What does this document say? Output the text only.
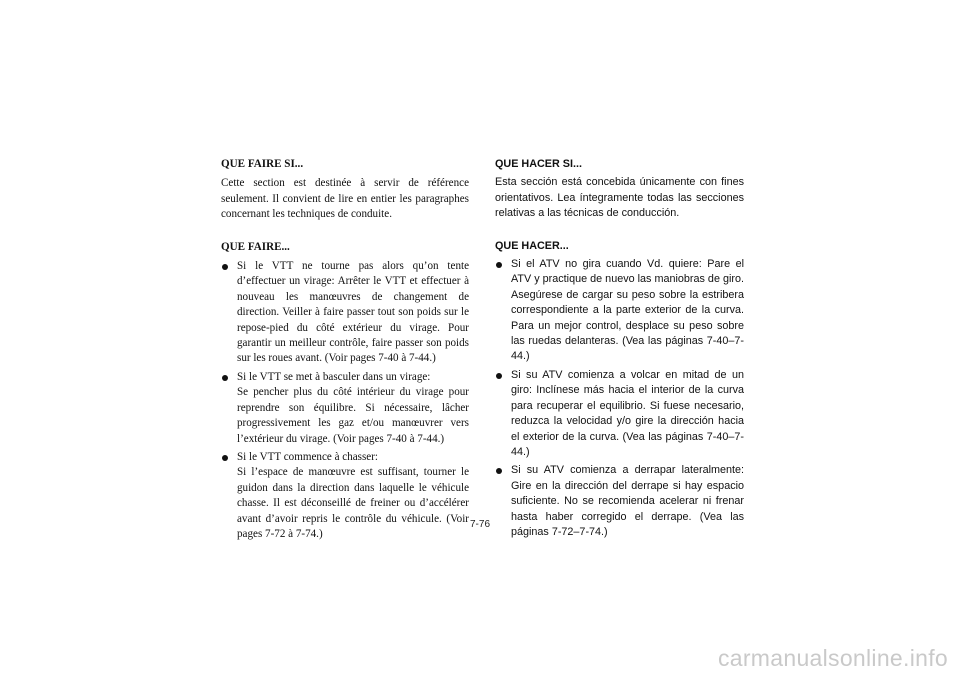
QUE FAIRE SI...

Cette section est destinée à servir de référence seulement. Il convient de lire en entier les paragraphes concernant les techniques de conduite.

QUE FAIRE...
Si le VTT ne tourne pas alors qu’on tente d’effectuer un virage: Arrêter le VTT et effectuer à nouveau les manœuvres de changement de direction. Veiller à faire passer tout son poids sur le repose-pied du côté extérieur du virage. Pour garantir un meilleur contrôle, faire passer son poids sur les roues avant. (Voir pages 7-40 à 7-44.)
Si le VTT se met à basculer dans un virage:
Se pencher plus du côté intérieur du virage pour reprendre son équilibre. Si nécessaire, lâcher progressivement les gaz et/ou manœuvrer vers l’extérieur du virage. (Voir pages 7-40 à 7-44.)
Si le VTT commence à chasser:
Si l’espace de manœuvre est suffisant, tourner le guidon dans la direction dans laquelle le véhicule chasse. Il est déconseillé de freiner ou d’accélérer avant d’avoir repris le contrôle du véhicule. (Voir pages 7-72 à 7-74.)
QUE HACER SI...

Esta sección está concebida únicamente con fines orientativos. Lea íntegramente todas las secciones relativas a las técnicas de conducción.

QUE HACER...
Si el ATV no gira cuando Vd. quiere: Pare el ATV y practique de nuevo las maniobras de giro. Asegúrese de cargar su peso sobre la estribera correspondiente a la parte exterior de la curva. Para un mejor control, desplace su peso sobre las ruedas delanteras. (Vea las páginas 7-40–7-44.)
Si su ATV comienza a volcar en mitad de un giro: Inclínese más hacia el interior de la curva para recuperar el equilibrio. Si fuese necesario, reduzca la velocidad y/o gire la dirección hacia el exterior de la curva. (Vea las páginas 7-40–7-44.)
Si su ATV comienza a derrapar lateralmente: Gire en la dirección del derrape si hay espacio suficiente. No se recomienda acelerar ni frenar hasta haber corregido el derrape. (Vea las páginas 7-72–7-74.)
7-76
carmanualsonline.info
